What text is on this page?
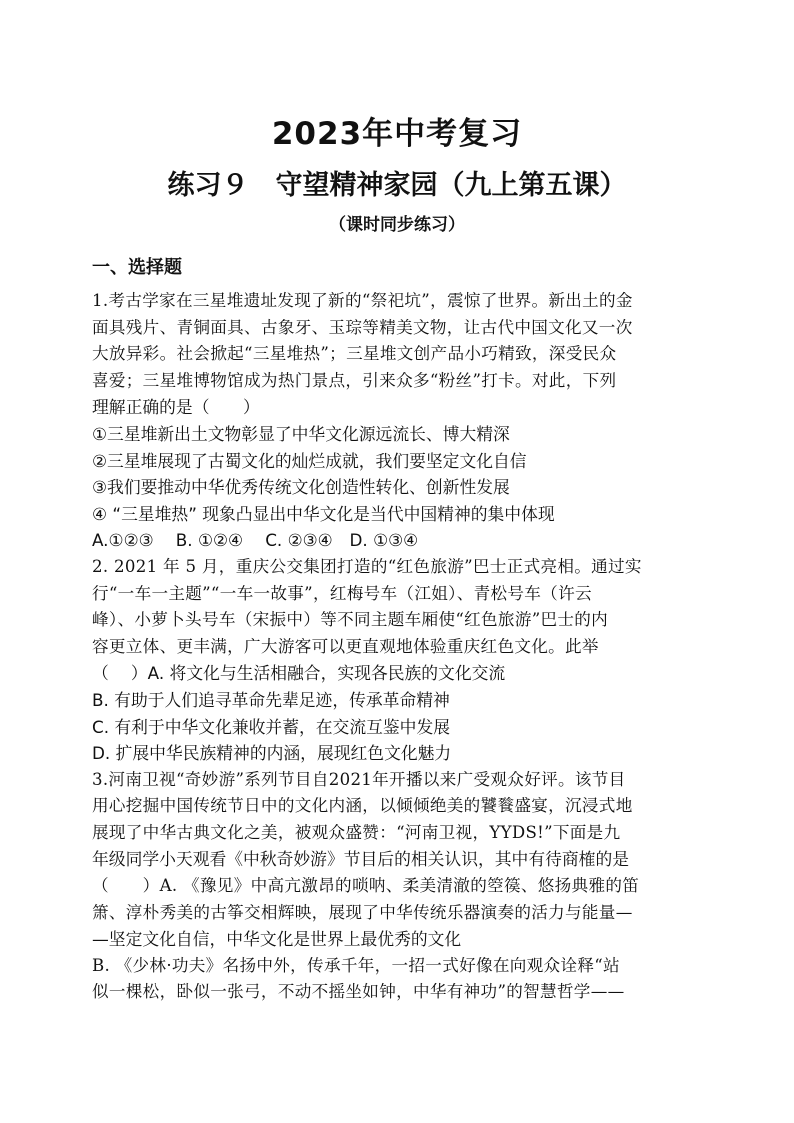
2023年中考复习
练习９　守望精神家园（九上第五课）
（课时同步练习）
一、选择题
1.考古学家在三星堆遗址发现了新的“祭祀坑”，震惊了世界。新出土的金
面具残片、青铜面具、古象牙、玉琮等精美文物，让古代中国文化又一次
大放异彩。社会掀起“三星堆热”；三星堆文创产品小巧精致，深受民众
喜爱；三星堆博物馆成为热门景点，引来众多“粉丝”打卡。对此，下列
理解正确的是（　　）
①三星堆新出土文物彰显了中华文化源远流长、博大精深
②三星堆展现了古蜀文化的灿烂成就，我们要坚定文化自信
③我们要推动中华优秀传统文化创造性转化、创新性发展
④ “三星堆热” 现象凸显出中华文化是当代中国精神的集中体现
A.①②③　 B. ①②④　 C. ②③④　D. ①③④
2. 2021 年 5 月，重庆公交集团打造的“红色旅游”巴士正式亮相。通过实
行“一车一主题”“一车一故事”，红梅号车（江姐）、青松号车（许云
峰）、小萝卜头号车（宋振中）等不同主题车厢使“红色旅游”巴士的内
容更立体、更丰满，广大游客可以更直观地体验重庆红色文化。此举
（　 ）A. 将文化与生活相融合，实现各民族的文化交流
B. 有助于人们追寻革命先辈足迹，传承革命精神
C. 有利于中华文化兼收并蓄，在交流互鉴中发展
D. 扩展中华民族精神的内涵，展现红色文化魅力
3.河南卫视“奇妙游”系列节目自2021年开播以来广受观众好评。该节目
用心挖掘中国传统节日中的文化内涵，以倾倾绝美的饕餮盛宴，沉浸式地
展现了中华古典文化之美，被观众盛赞：“河南卫视，YYDS!”下面是九
年级同学小天观看《中秋奇妙游》节目后的相关认识，其中有待商榷的是
（　　）A. 《豫见》中高亢激昂的唢呐、柔美清澈的箜篌、悠扬典雅的笛
箫、淳朴秀美的古筝交相辉映，展现了中华传统乐器演奏的活力与能量—
—坚定文化自信，中华文化是世界上最优秀的文化
B. 《少林·功夫》名扬中外，传承千年，一招一式好像在向观众诠释“站
似一棵松，卧似一张弓，不动不摇坐如钟，中华有神功”的智慧哲学——
